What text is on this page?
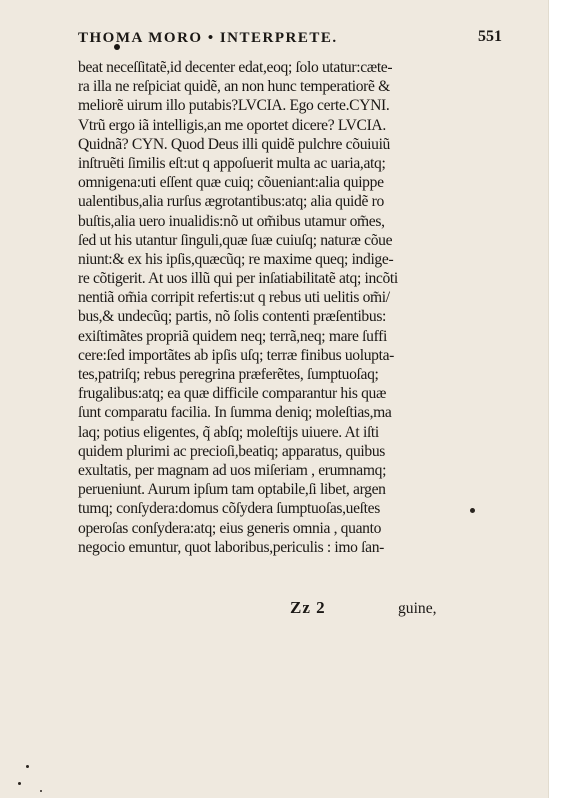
THOMA MORO • INTERPRETE.	551
beat neceſſitatẽ,id decenter edat,eoq; ſolo utatur:cæte-
ra illa ne reſpiciat quidẽ, an non hunc temperatiorẽ &
meliorẽ uirum illo putabis?LVCIA. Ego certe.CYNI.
Vtrũ ergo iã intelligis,an me oportet dicere? LVCIA.
Quidnã? CYN. Quod Deus illi quidẽ pulchre cõuiuiũ
inſtruẽti ſimilis eſt:ut q appoſuerit multa ac uaria,atq;
omnigena:uti eſſent quæ cuiq; cõueniant:alia quippe
ualentibus,alia rurſus ægrotantibus:atq; alia quidẽ ro
buſtis,alia uero inualidis:nõ ut om̃ibus utamur om̃es,
ſed ut his utantur ſinguli,quæ ſuæ cuiuſq; naturæ cõue
niunt:& ex his ipſis,quæcũq; re maxime queq; indige-
re cõtigerit. At uos illũ qui per inſatiabilitatẽ atq; incõti
nentiã om̃ia corripit refertis:ut q rebus uti uelitis om̃i/
bus,& undecũq; partis, nõ ſolis contenti præſentibus:
exiſtimãtes propriã quidem neq; terrã,neq; mare ſuffi
cere:ſed importãtes ab ipſis uſq; terræ finibus uolupta-
tes,patriſq; rebus peregrina præferẽtes, ſumptuoſaq;
frugalibus:atq; ea quæ difficile comparantur his quæ
ſunt comparatu facilia. In ſumma deniq; moleſtias,ma
laq; potius eligentes, q̃ abſq; moleſtijs uiuere. At iſti
quidem plurimi ac precioſi,beatiq; apparatus, quibus
exultatis, per magnam ad uos miſeriam , erumnamq;
perueniunt. Aurum ipſum tam optabile,ſi libet, argen
tumq; conſydera:domus cõſydera ſumptuoſas,ueſtes
operoſas conſydera:atq; eius generis omnia , quanto
negocio emuntur, quot laboribus,periculis : imo ſan-
Zz 2	guine,
